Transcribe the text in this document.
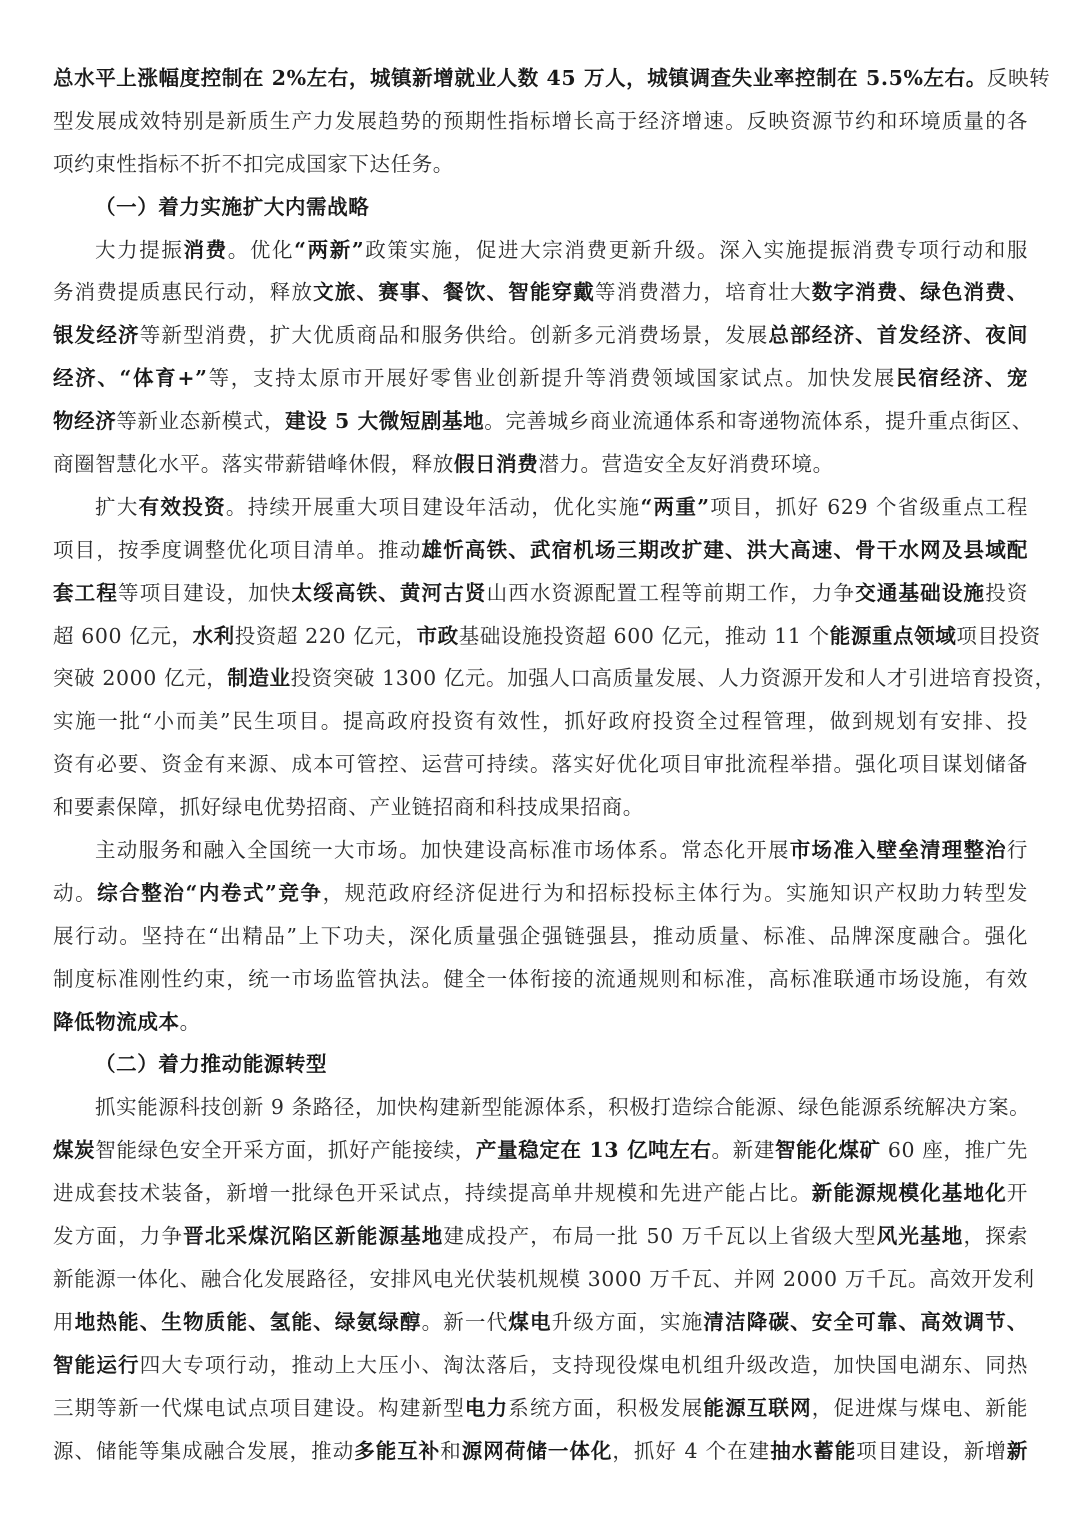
总水平上涨幅度控制在 2%左右，城镇新增就业人数 45 万人，城镇调查失业率控制在 5.5%左右。反映转
型发展成效特别是新质生产力发展趋势的预期性指标增长高于经济增速。反映资源节约和环境质量的各
项约束性指标不折不扣完成国家下达任务。
（一）着力实施扩大内需战略
大力提振消费。优化“两新”政策实施，促进大宗消费更新升级。深入实施提振消费专项行动和服
务消费提质惠民行动，释放文旅、赛事、餐饮、智能穿戴等消费潜力，培育壮大数字消费、绿色消费、
银发经济等新型消费，扩大优质商品和服务供给。创新多元消费场景，发展总部经济、首发经济、夜间
经济、“体育+”等，支持太原市开展好零售业创新提升等消费领域国家试点。加快发展民宿经济、宠
物经济等新业态新模式，建设 5 大微短剧基地。完善城乡商业流通体系和寄递物流体系，提升重点街区、
商圈智慧化水平。落实带薪错峰休假，释放假日消费潜力。营造安全友好消费环境。
扩大有效投资。持续开展重大项目建设年活动，优化实施“两重”项目，抓好 629 个省级重点工程
项目，按季度调整优化项目清单。推动雄忻高铁、武宿机场三期改扩建、洪大高速、骨干水网及县域配
套工程等项目建设，加快太绥高铁、黄河古贤山西水资源配置工程等前期工作，力争交通基础设施投资
超 600 亿元，水利投资超 220 亿元，市政基础设施投资超 600 亿元，推动 11 个能源重点领域项目投资
突破 2000 亿元，制造业投资突破 1300 亿元。加强人口高质量发展、人力资源开发和人才引进培育投资，
实施一批“小而美”民生项目。提高政府投资有效性，抓好政府投资全过程管理，做到规划有安排、投
资有必要、资金有来源、成本可管控、运营可持续。落实好优化项目审批流程举措。强化项目谋划储备
和要素保障，抓好绿电优势招商、产业链招商和科技成果招商。
主动服务和融入全国统一大市场。加快建设高标准市场体系。常态化开展市场准入壁垒清理整治行
动。综合整治“内卷式”竞争，规范政府经济促进行为和招标投标主体行为。实施知识产权助力转型发
展行动。坚持在“出精品”上下功夫，深化质量强企强链强县，推动质量、标准、品牌深度融合。强化
制度标准刚性约束，统一市场监管执法。健全一体衔接的流通规则和标准，高标准联通市场设施，有效
降低物流成本。
（二）着力推动能源转型
抓实能源科技创新 9 条路径，加快构建新型能源体系，积极打造综合能源、绿色能源系统解决方案。
煤炭智能绿色安全开采方面，抓好产能接续，产量稳定在 13 亿吨左右。新建智能化煤矿 60 座，推广先
进成套技术装备，新增一批绿色开采试点，持续提高单井规模和先进产能占比。新能源规模化基地化开
发方面，力争晋北采煤沉陷区新能源基地建成投产，布局一批 50 万千瓦以上省级大型风光基地，探索
新能源一体化、融合化发展路径，安排风电光伏装机规模 3000 万千瓦、并网 2000 万千瓦。高效开发利
用地热能、生物质能、氢能、绿氨绿醇。新一代煤电升级方面，实施清洁降碳、安全可靠、高效调节、
智能运行四大专项行动，推动上大压小、淘汰落后，支持现役煤电机组升级改造，加快国电湖东、同热
三期等新一代煤电试点项目建设。构建新型电力系统方面，积极发展能源互联网，促进煤与煤电、新能
源、储能等集成融合发展，推动多能互补和源网荷储一体化，抓好 4 个在建抽水蓄能项目建设，新增新
